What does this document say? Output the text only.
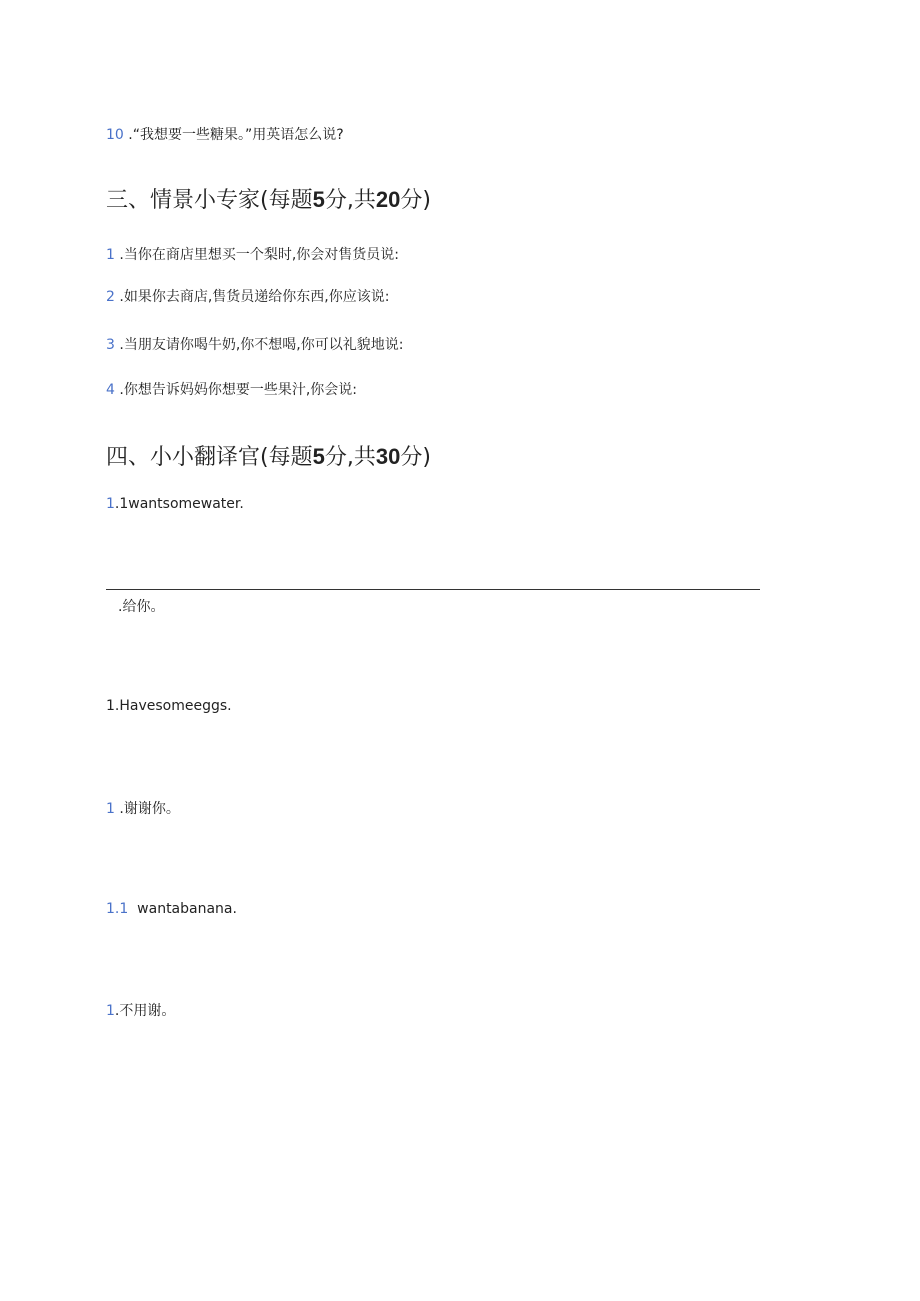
10 .“我想要一些糖果。”用英语怎么说?
三、情景小专家(每题5分,共20分)
1 .当你在商店里想买一个梨时,你会对售货员说:
2 .如果你去商店,售货员递给你东西,你应该说:
3 .当朋友请你喝牛奶,你不想喝,你可以礼貌地说:
4 .你想告诉妈妈你想要一些果汁,你会说:
四、小小翻译官(每题5分,共30分)
1.1wantsomewater.
.给你。
1.Havesomeeggs.
1 .谢谢你。
1.1  wantabanana.
1.不用谢。
